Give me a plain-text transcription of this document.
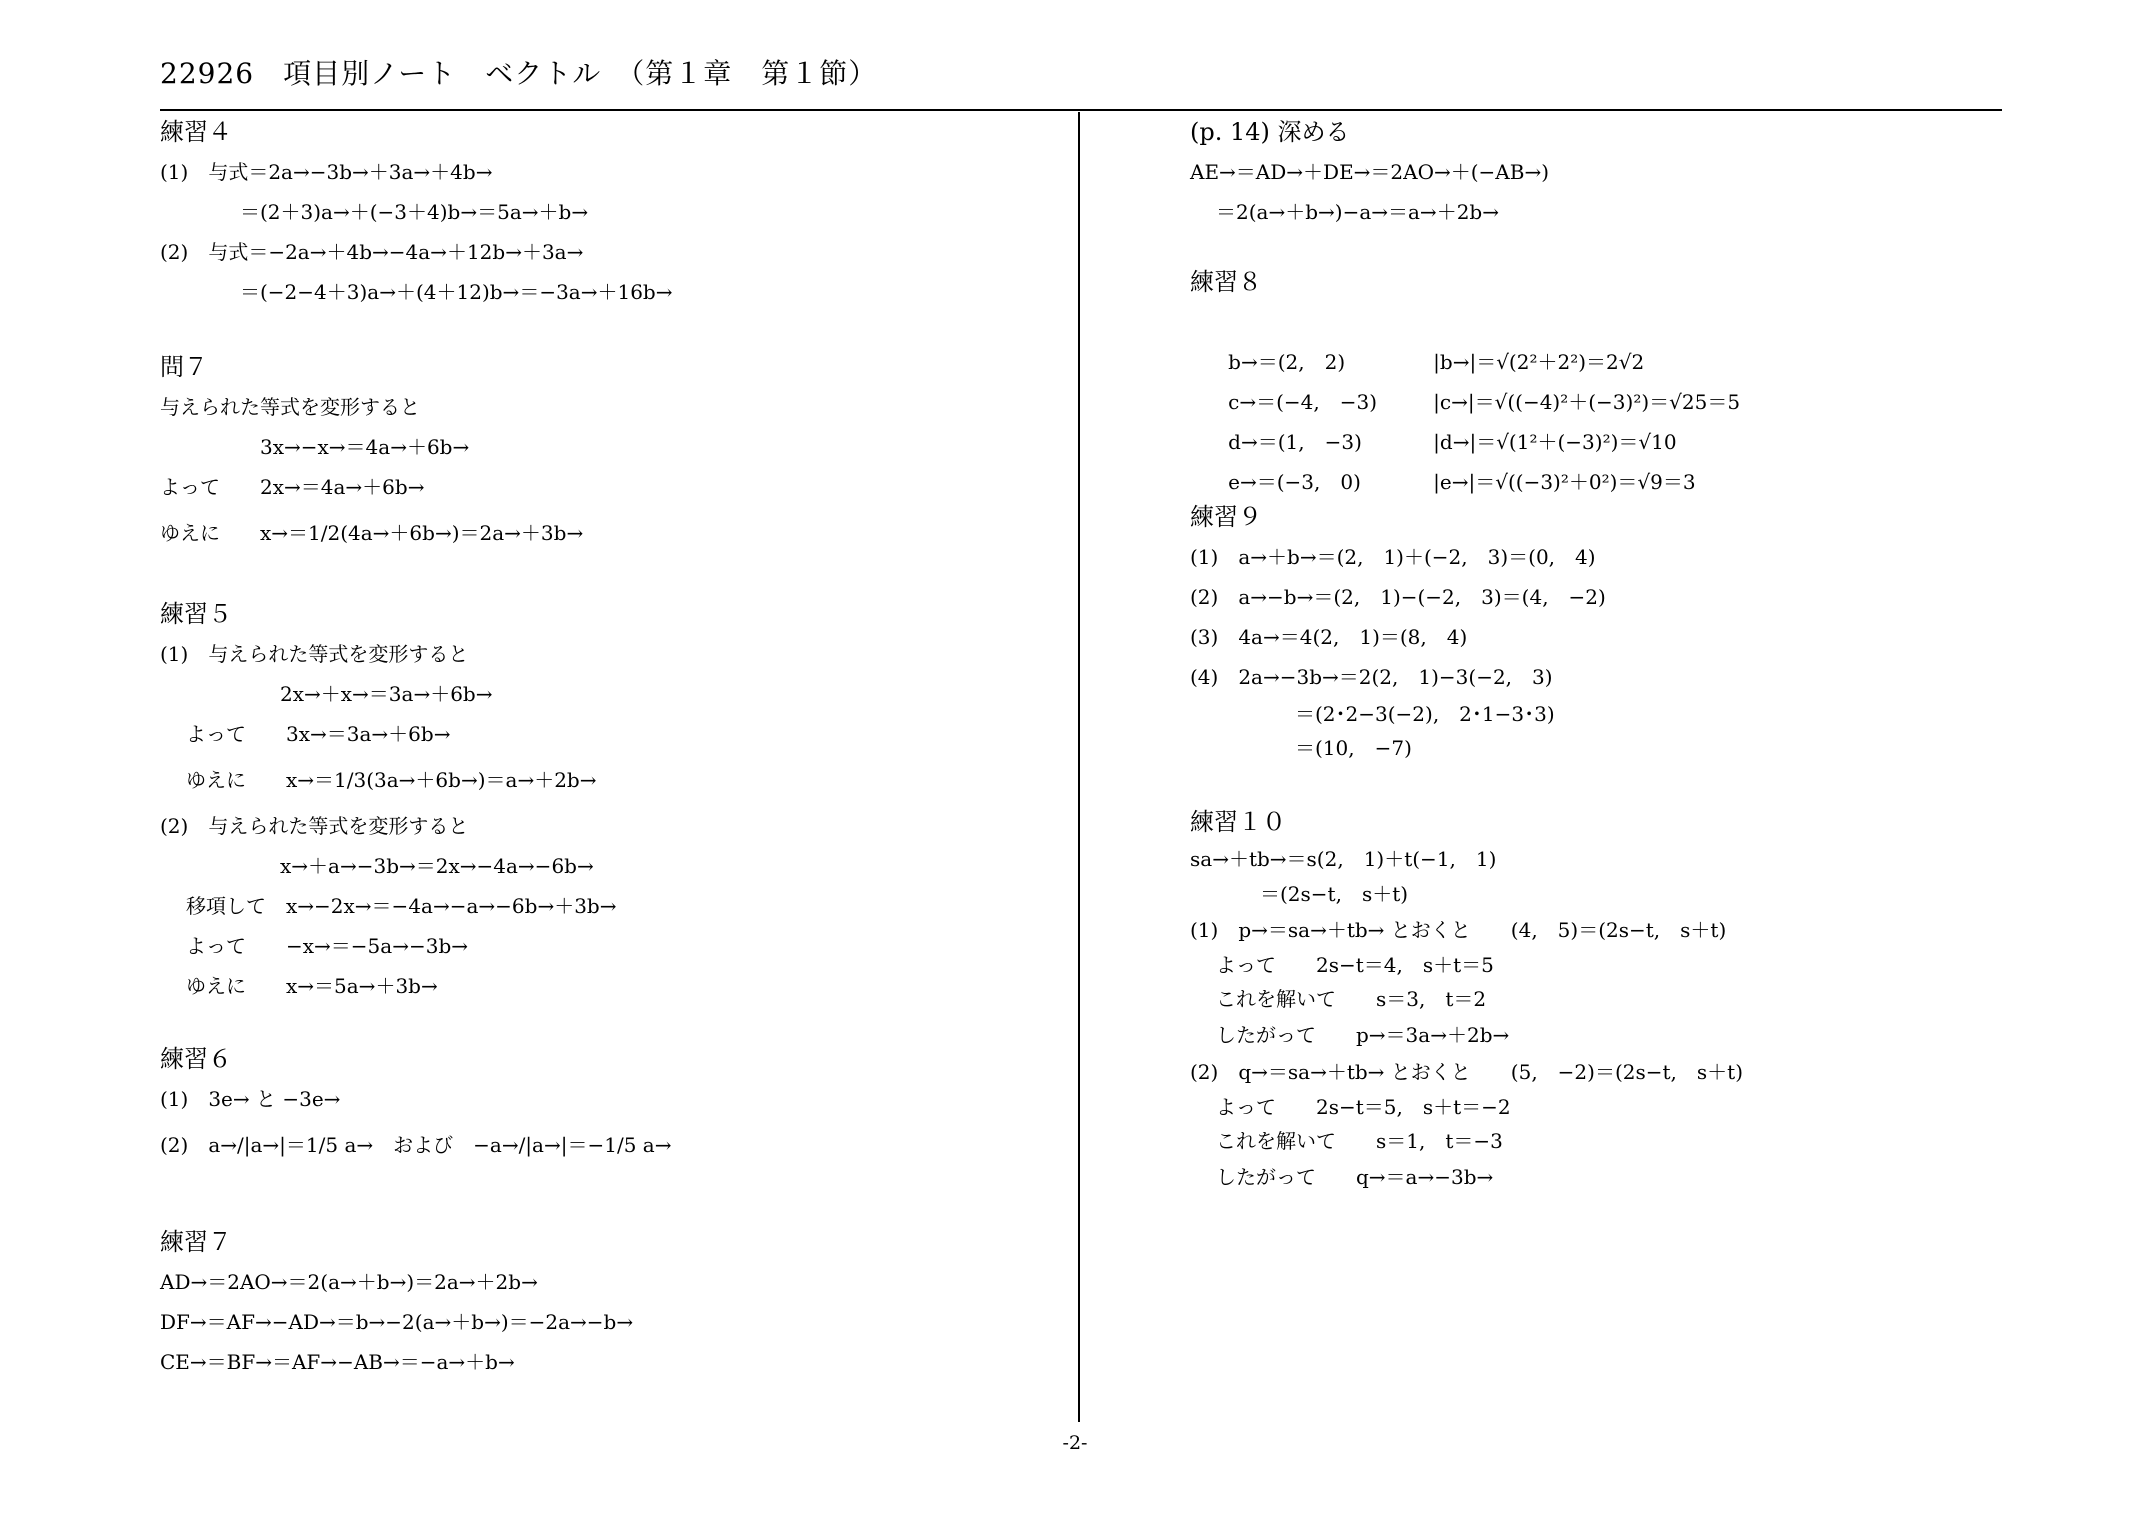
22926　項目別ノート　ベクトル　（第１章　第１節）
練習４
(1)　与式＝2a→−3b→＋3a→＋4b→
＝(2＋3)a→＋(−3＋4)b→＝5a→＋b→
(2)　与式＝−2a→＋4b→−4a→＋12b→＋3a→
＝(−2−4＋3)a→＋(4＋12)b→＝−3a→＋16b→
問７
与えられた等式を変形すると
3x→−x→＝4a→＋6b→
よって　　2x→＝4a→＋6b→
ゆえに　　x→＝1/2(4a→＋6b→)＝2a→＋3b→
練習５
(1)　与えられた等式を変形すると
2x→＋x→＝3a→＋6b→
よって　　3x→＝3a→＋6b→
ゆえに　　x→＝1/3(3a→＋6b→)＝a→＋2b→
(2)　与えられた等式を変形すると
x→＋a→−3b→＝2x→−4a→−6b→
移項して　x→−2x→＝−4a→−a→−6b→＋3b→
よって　　−x→＝−5a→−3b→
ゆえに　　x→＝5a→＋3b→
練習６
(1)　3e→ と −3e→
(2)　a→/|a→|＝1/5 a→　および　−a→/|a→|＝−1/5 a→
練習７
AD→＝2AO→＝2(a→＋b→)＝2a→＋2b→
DF→＝AF→−AD→＝b→−2(a→＋b→)＝−2a→−b→
CE→＝BF→＝AF→−AB→＝−a→＋b→
(p. 14) 深める
AE→＝AD→＋DE→＝2AO→＋(−AB→)
＝2(a→＋b→)−a→＝a→＋2b→
練習８

b→＝(2,　2)	|b→|＝√(2²＋2²)＝2√2

c→＝(−4,　−3)	|c→|＝√((−4)²＋(−3)²)＝√25＝5

d→＝(1,　−3)	|d→|＝√(1²＋(−3)²)＝√10

e→＝(−3,　0)	|e→|＝√((−3)²＋0²)＝√9＝3

練習９
(1)　a→＋b→＝(2,　1)＋(−2,　3)＝(0,　4)
(2)　a→−b→＝(2,　1)−(−2,　3)＝(4,　−2)
(3)　4a→＝4(2,　1)＝(8,　4)
(4)　2a→−3b→＝2(2,　1)−3(−2,　3)
＝(2･2−3(−2),　2･1−3･3)
＝(10,　−7)
練習１０
sa→＋tb→＝s(2,　1)＋t(−1,　1)
＝(2s−t,　s＋t)
(1)　p→＝sa→＋tb→ とおくと　　(4,　5)＝(2s−t,　s＋t)
よって　　2s−t＝4,　s＋t＝5
これを解いて　　s＝3,　t＝2
したがって　　p→＝3a→＋2b→
(2)　q→＝sa→＋tb→ とおくと　　(5,　−2)＝(2s−t,　s＋t)
よって　　2s−t＝5,　s＋t＝−2
これを解いて　　s＝1,　t＝−3
したがって　　q→＝a→−3b→
-2-
